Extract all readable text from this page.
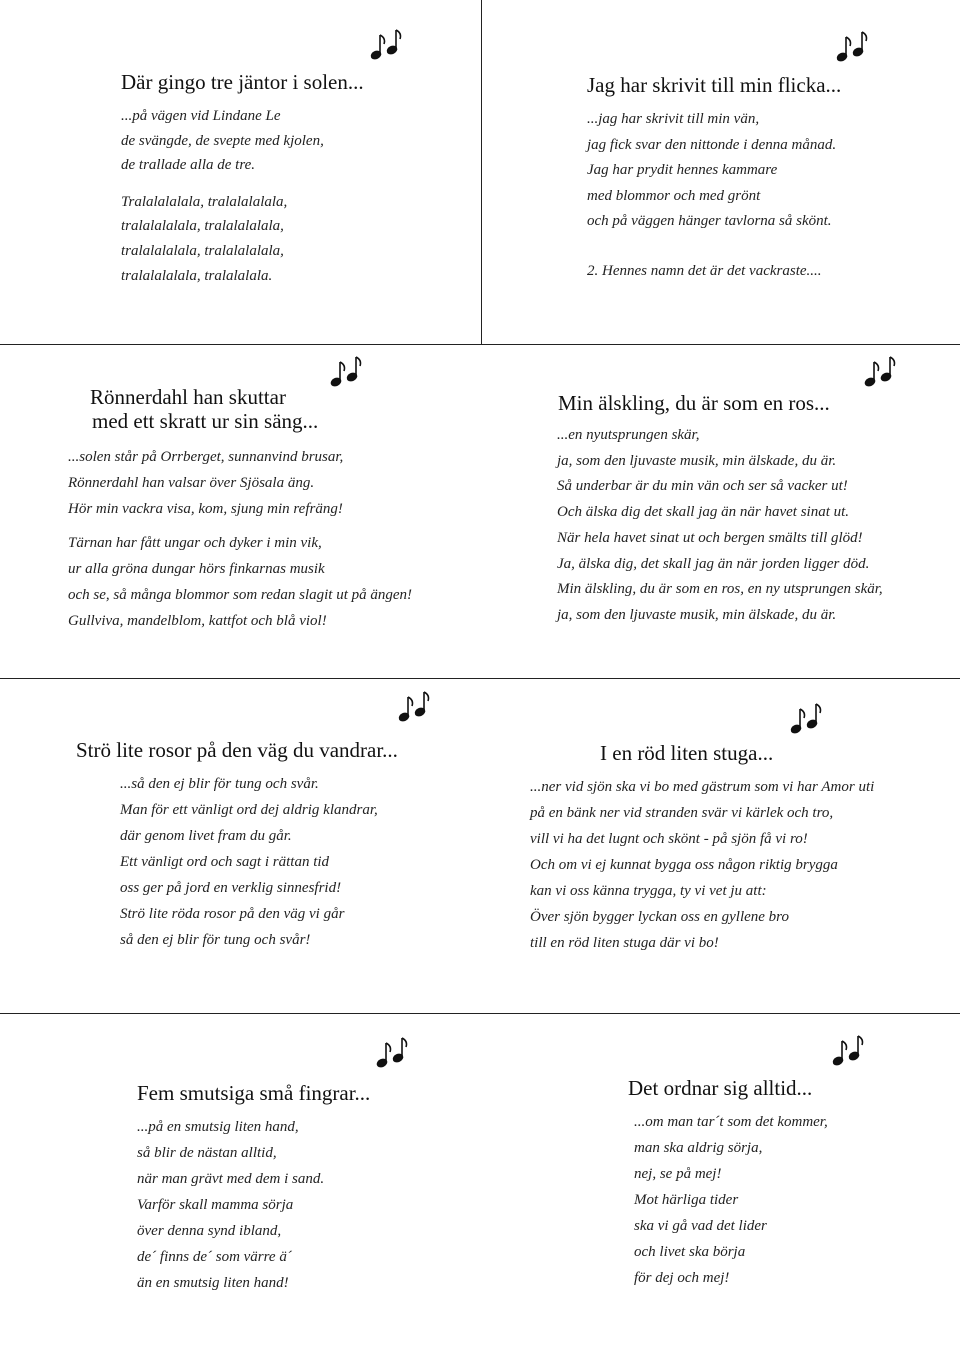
Där gingo tre jäntor i solen...
...på vägen vid Lindane Le
de svängde, de svepte med kjolen,
de trallade alla de tre.
Tralalalalala, tralalalalala,
tralalalalala, tralalalalala,
tralalalalala, tralalalalala,
tralalalalala, tralalalala.
Jag har skrivit till min flicka...
...jag har skrivit till min vän,
jag fick svar den nittonde i denna månad.
Jag har prydit hennes kammare
med blommor och med grönt
och på väggen hänger tavlorna så skönt.
2. Hennes namn det är det vackraste....
Rönnerdahl han skuttar
med ett skratt ur sin säng...
...solen står på Orrberget, sunnanvind brusar,
Rönnerdahl han valsar över Sjösala äng.
Hör min vackra visa, kom, sjung min refräng!
Tärnan har fått ungar och dyker i min vik,
ur alla gröna dungar hörs finkarnas musik
och se, så många blommor som redan slagit ut på ängen!
Gullviva, mandelblom, kattfot och blå viol!
Min älskling, du är som en ros...
...en nyutsprungen skär,
ja, som den ljuvaste musik, min älskade, du är.
Så underbar är du min vän och ser så vacker ut!
Och älska dig det skall jag än när havet sinat ut.
När hela havet sinat ut och bergen smälts till glöd!
Ja, älska dig, det skall jag än när jorden ligger död.
Min älskling, du är som en ros, en ny utsprungen skär,
ja, som den ljuvaste musik, min älskade, du är.
Strö lite rosor på den väg du vandrar...
...så den ej blir för tung och svår.
Man för ett vänligt ord dej aldrig klandrar,
där genom livet fram du går.
Ett vänligt ord och sagt i rättan tid
oss ger på jord en verklig sinnesfrid!
Strö lite röda rosor på den väg vi går
så den ej blir för tung och svår!
I en röd liten stuga...
...ner vid sjön ska vi bo med gästrum som vi har Amor uti
på en bänk ner vid stranden svär vi kärlek och tro,
vill vi ha det lugnt och skönt - på sjön få vi ro!
Och om vi ej kunnat bygga oss någon riktig brygga
kan vi oss känna trygga, ty vi vet ju att:
Över sjön bygger lyckan oss en gyllene bro
till en röd liten stuga där vi bo!
Fem smutsiga små fingrar...
...på en smutsig liten hand,
så blir de nästan alltid,
när man grävt med dem i sand.
Varför skall mamma sörja
över denna synd ibland,
de´ finns de´ som värre ä´
än en smutsig liten hand!
Det ordnar sig alltid...
...om man tar´t som det kommer,
man ska aldrig sörja,
nej, se på mej!
Mot härliga tider
ska vi gå vad det lider
och livet ska börja
för dej och mej!
